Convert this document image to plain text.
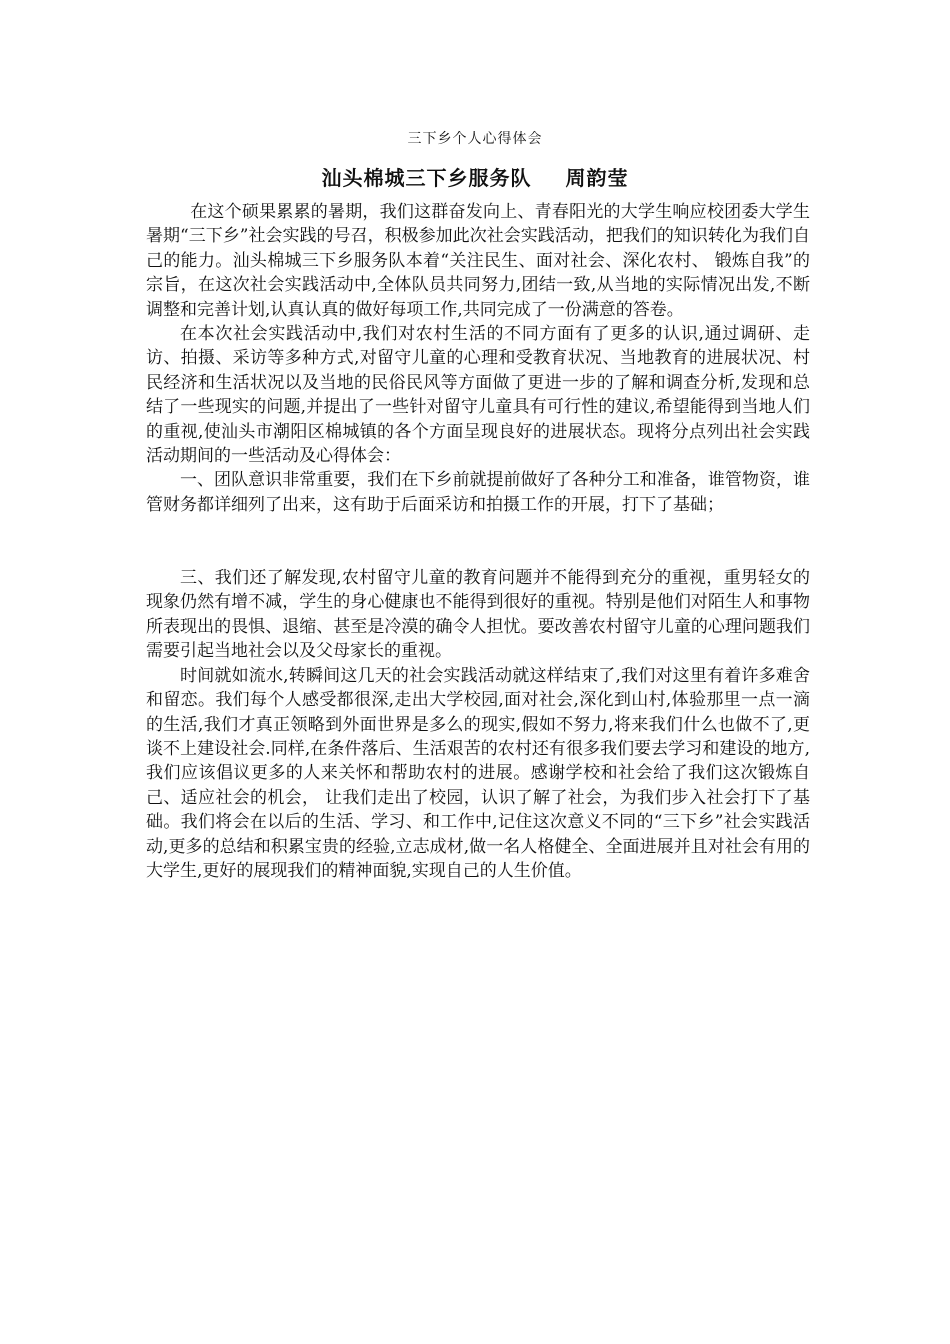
三下乡个人心得体会
汕头棉城三下乡服务队 周韵莹

在这个硕果累累的暑期，我们这群奋发向上、青春阳光的大学生响应校团委大学生暑期“三下乡”社会实践的号召，积极参加此次社会实践活动，把我们的知识转化为我们自己的能力。汕头棉城三下乡服务队本着“关注民生、面对社会、深化农村、 锻炼自我”的宗旨，在这次社会实践活动中,全体队员共同努力,团结一致,从当地的实际情况出发,不断调整和完善计划,认真认真的做好每项工作,共同完成了一份满意的答卷。

在本次社会实践活动中,我们对农村生活的不同方面有了更多的认识,通过调研、走访、拍摄、采访等多种方式,对留守儿童的心理和受教育状况、当地教育的进展状况、村民经济和生活状况以及当地的民俗民风等方面做了更进一步的了解和调查分析,发现和总结了一些现实的问题,并提出了一些针对留守儿童具有可行性的建议,希望能得到当地人们的重视,使汕头市潮阳区棉城镇的各个方面呈现良好的进展状态。现将分点列出社会实践活动期间的一些活动及心得体会：

一、团队意识非常重要，我们在下乡前就提前做好了各种分工和准备，谁管物资，谁管财务都详细列了出来，这有助于后面采访和拍摄工作的开展，打下了基础；

三、我们还了解发现,农村留守儿童的教育问题并不能得到充分的重视，重男轻女的现象仍然有增不减，学生的身心健康也不能得到很好的重视。特别是他们对陌生人和事物所表现出的畏惧、退缩、甚至是冷漠的确令人担忧。要改善农村留守儿童的心理问题我们需要引起当地社会以及父母家长的重视。

时间就如流水,转瞬间这几天的社会实践活动就这样结束了,我们对这里有着许多难舍和留恋。我们每个人感受都很深,走出大学校园,面对社会,深化到山村,体验那里一点一滴的生活,我们才真正领略到外面世界是多么的现实,假如不努力,将来我们什么也做不了,更谈不上建设社会.同样,在条件落后、生活艰苦的农村还有很多我们要去学习和建设的地方,我们应该倡议更多的人来关怀和帮助农村的进展。感谢学校和社会给了我们这次锻炼自己、适应社会的机会， 让我们走出了校园，认识了解了社会，为我们步入社会打下了基础。我们将会在以后的生活、学习、和工作中,记住这次意义不同的“三下乡”社会实践活动,更多的总结和积累宝贵的经验,立志成材,做一名人格健全、全面进展并且对社会有用的大学生,更好的展现我们的精神面貌,实现自己的人生价值。
